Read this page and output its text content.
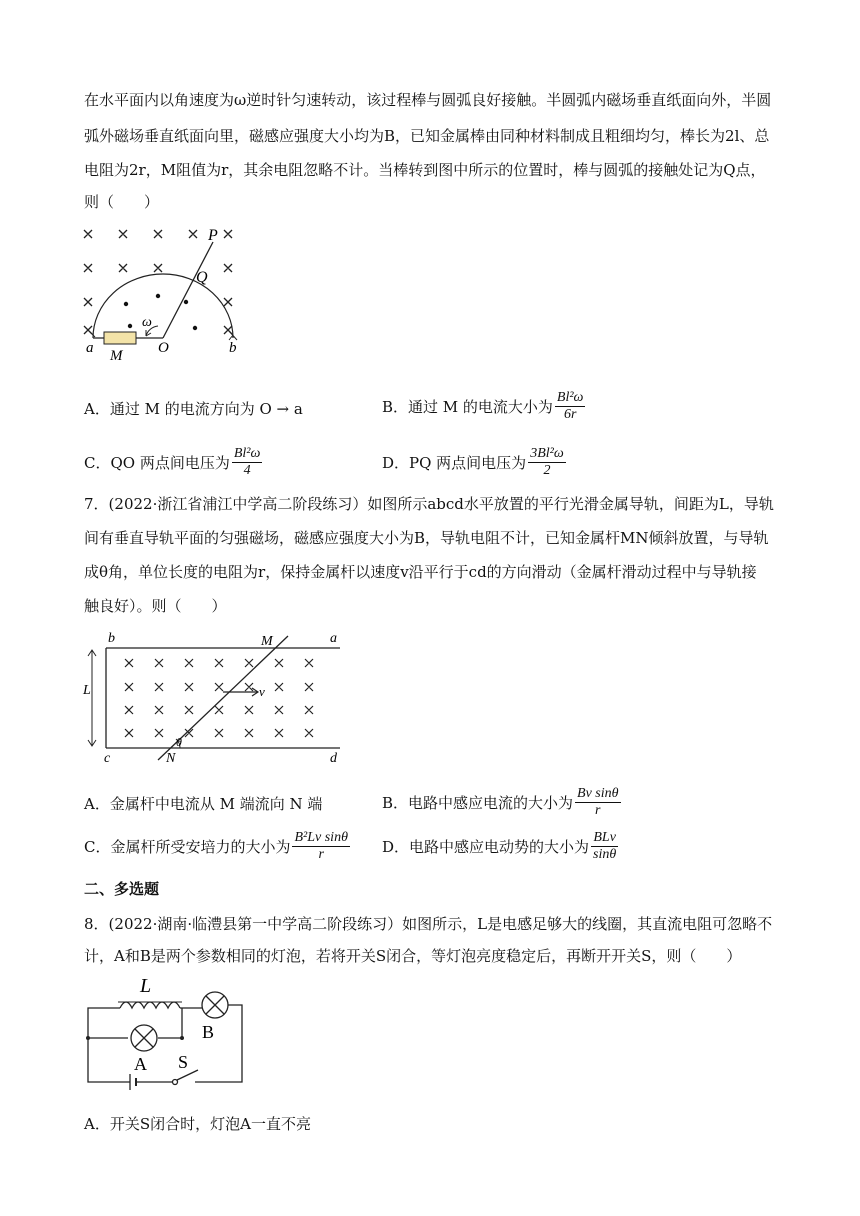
在水平面内以角速度为ω逆时针匀速转动，该过程棒与圆弧良好接触。半圆弧内磁场垂直纸面向外，半圆
弧外磁场垂直纸面向里，磁感应强度大小均为B，已知金属棒由同种材料制成且粗细均匀，棒长为2l、总
电阻为2r，M阻值为r，其余电阻忽略不计。当棒转到图中所示的位置时，棒与圆弧的接触处记为Q点，
则（　　）
P
Q
ω
a M O	b
A．通过 M 的电流方向为 O → a	B．通过 M 的电流大小为 $\frac{\text{Bl²ω}}{6r}$
C．QO 两点间电压为 $\frac{\text{Bl²ω}}{4}$	D．PQ 两点间电压为 $\frac{\text{3Bl²ω}}{2}$
7．(2022·浙江省浦江中学高二阶段练习）如图所示abcd水平放置的平行光滑金属导轨，间距为L，导轨
间有垂直导轨平面的匀强磁场，磁感应强度大小为B，导轨电阻不计，已知金属杆MN倾斜放置，与导轨
成θ角，单位长度的电阻为r，保持金属杆以速度v沿平行于cd的方向滑动（金属杆滑动过程中与导轨接
触良好）。则（　　）
b	M	a
L	v
θ
c	N	d
A．金属杆中电流从 M 端流向 N 端	B．电路中感应电流的大小为 $\frac{\text{Bv sinθ}}{r}$
C．金属杆所受安培力的大小为 $\frac{\text{B²Lv sinθ}}{r}$ D．电路中感应电动势的大小为 $\frac{\text{BLv}}{\sin\theta}$
二、多选题
8．(2022·湖南·临澧县第一中学高二阶段练习）如图所示，L是电感足够大的线圈，其直流电阻可忽略不
计，A和B是两个参数相同的灯泡，若将开关S闭合，等灯泡亮度稳定后，再断开开关S，则（　　）
L
B
A S
A．开关S闭合时，灯泡A一直不亮
